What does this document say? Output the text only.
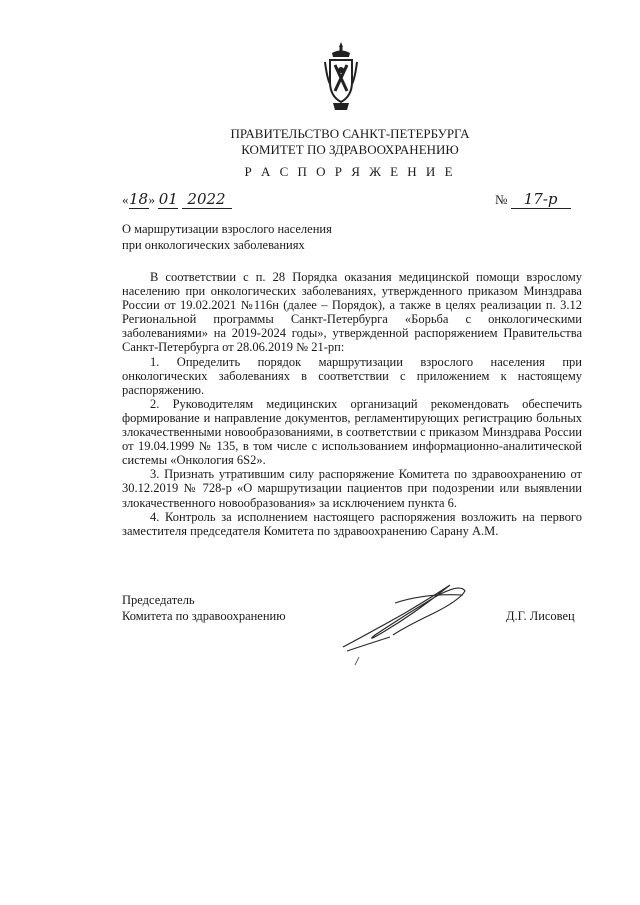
ПРАВИТЕЛЬСТВО САНКТ-ПЕТЕРБУРГА
КОМИТЕТ ПО ЗДРАВООХРАНЕНИЮ
Р А С П О Р Я Ж Е Н И Е
«18» 01 2022	№ 17-р
О маршрутизации взрослого населения
при онкологических заболеваниях

В соответствии с п. 28 Порядка оказания медицинской помощи взрослому населению при онкологических заболеваниях, утвержденного приказом Минздрава России от 19.02.2021 №116н (далее – Порядок), а также в целях реализации п. 3.12 Региональной программы Санкт-Петербурга «Борьба с онкологическими заболеваниями» на 2019-2024 годы», утвержденной распоряжением Правительства Санкт-Петербурга от 28.06.2019 № 21-рп:

1. Определить порядок маршрутизации взрослого населения при онкологических заболеваниях в соответствии с приложением к настоящему распоряжению.

2. Руководителям медицинских организаций рекомендовать обеспечить формирование и направление документов, регламентирующих регистрацию больных злокачественными новообразованиями, в соответствии с приказом Минздрава России от 19.04.1999 № 135, в том числе с использованием информационно-аналитической системы «Онкология 6S2».

3. Признать утратившим силу распоряжение Комитета по здравоохранению от 30.12.2019 № 728-р «О маршрутизации пациентов при подозрении или выявлении злокачественного новообразования» за исключением пункта 6.

4. Контроль за исполнением настоящего распоряжения возложить на первого заместителя председателя Комитета по здравоохранению Сарану А.М.

Председатель
Комитета по здравоохранению	Д.Г. Лисовец
